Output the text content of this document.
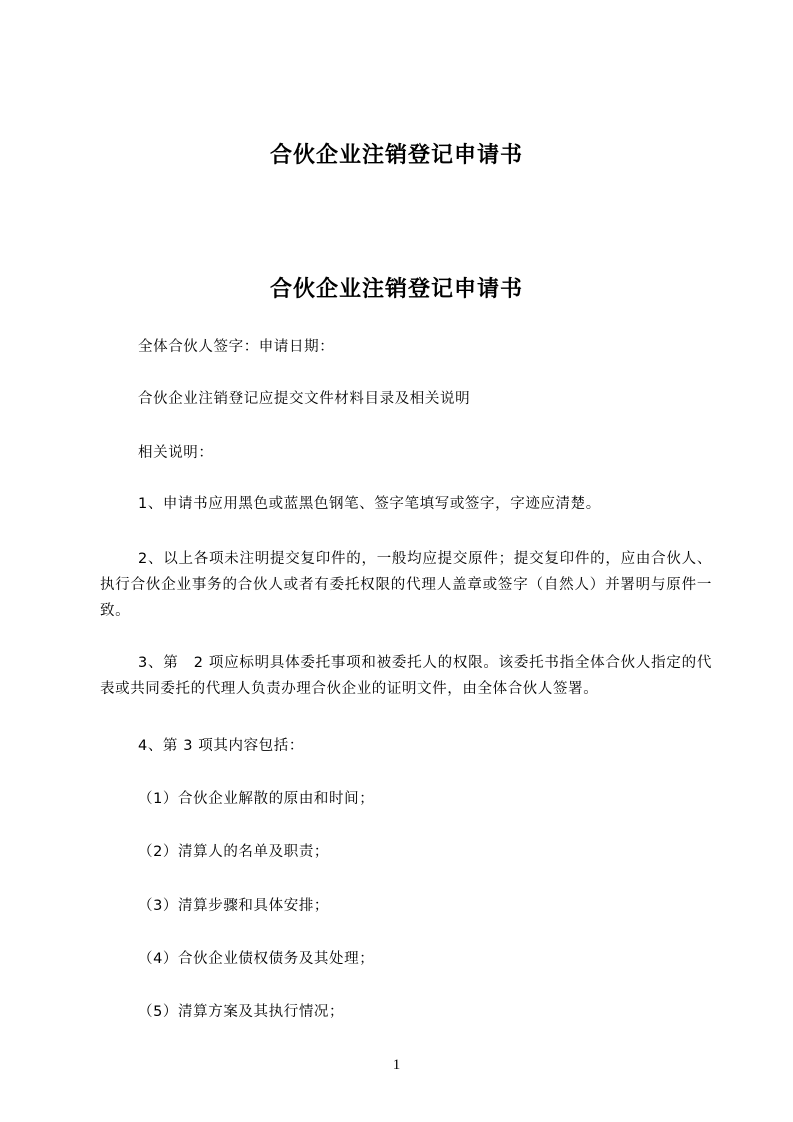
合伙企业注销登记申请书
合伙企业注销登记申请书
全体合伙人签字：申请日期：
合伙企业注销登记应提交文件材料目录及相关说明
相关说明：
1、申请书应用黑色或蓝黑色钢笔、签字笔填写或签字，字迹应清楚。
2、以上各项未注明提交复印件的，一般均应提交原件；提交复印件的，应由合伙人、执行合伙企业事务的合伙人或者有委托权限的代理人盖章或签字（自然人）并署明与原件一致。
3、第　2 项应标明具体委托事项和被委托人的权限。该委托书指全体合伙人指定的代表或共同委托的代理人负责办理合伙企业的证明文件，由全体合伙人签署。
4、第 3 项其内容包括：
（1）合伙企业解散的原由和时间；
（2）清算人的名单及职责；
（3）清算步骤和具体安排；
（4）合伙企业债权债务及其处理；
（5）清算方案及其执行情况；
1
